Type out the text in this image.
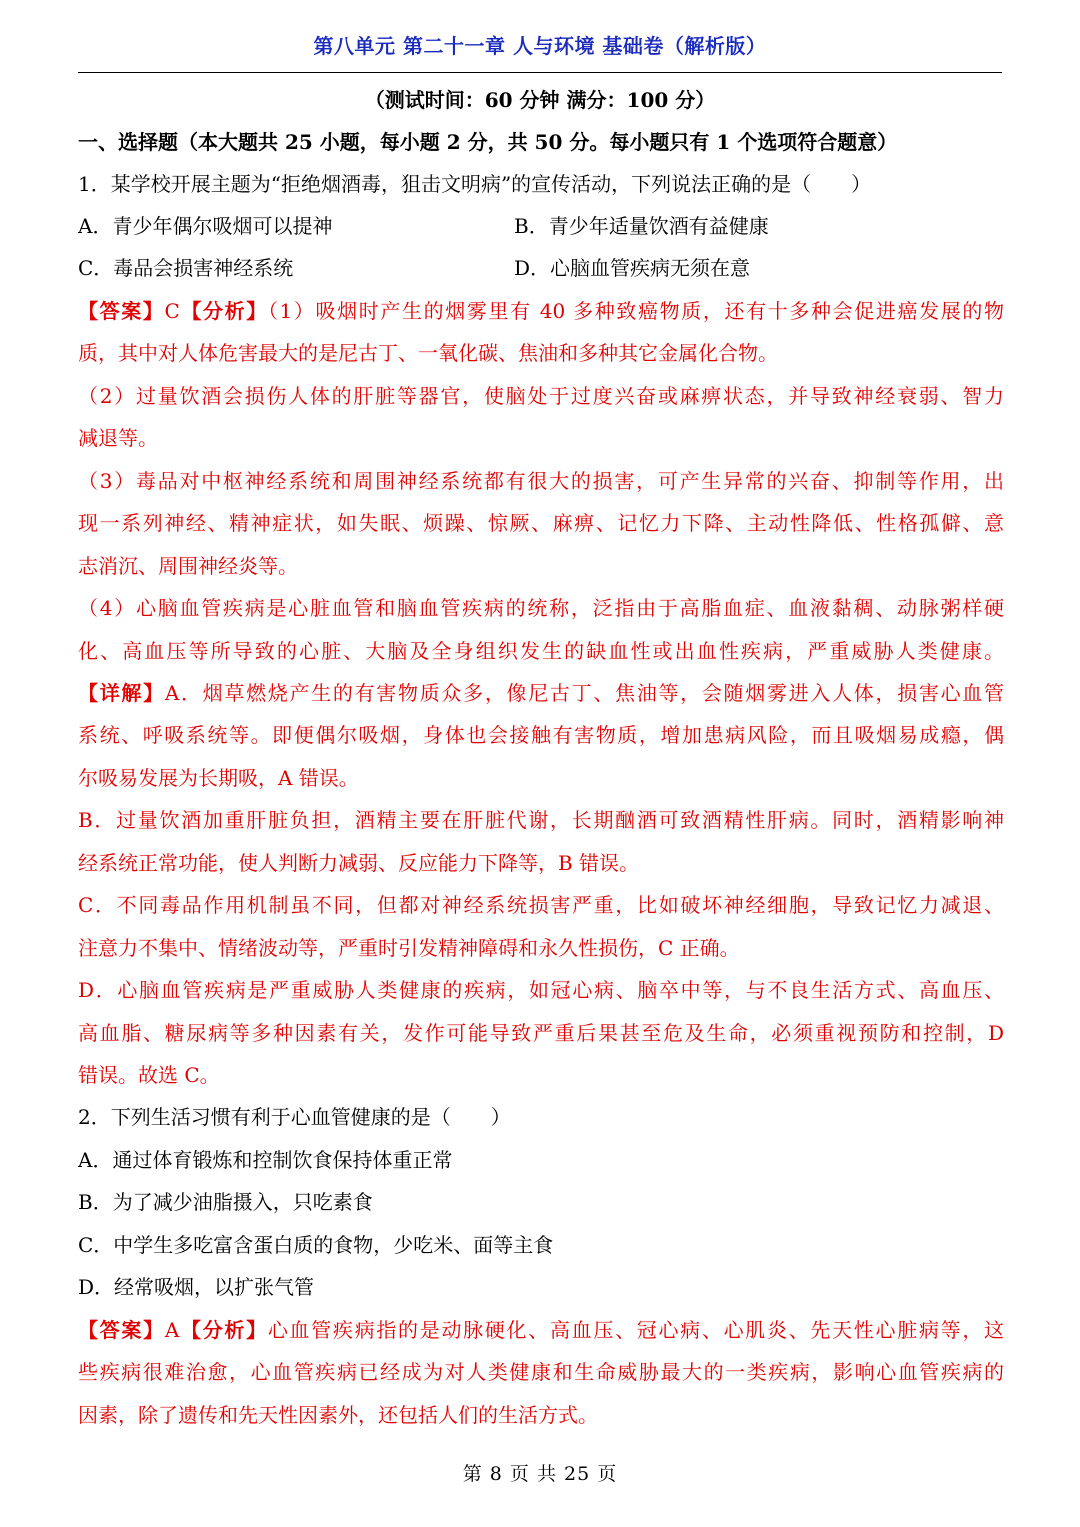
第八单元 第二十一章 人与环境 基础卷（解析版）
（测试时间：60 分钟 满分：100 分）
一、选择题（本大题共 25 小题，每小题 2 分，共 50 分。每小题只有 1 个选项符合题意）
1．某学校开展主题为“拒绝烟酒毒，狙击文明病”的宣传活动，下列说法正确的是（　　）
A．青少年偶尔吸烟可以提神	B．青少年适量饮酒有益健康
C．毒品会损害神经系统	D．心脑血管疾病无须在意
【答案】C【分析】（1）吸烟时产生的烟雾里有 40 多种致癌物质，还有十多种会促进癌发展的物
质，其中对人体危害最大的是尼古丁、一氧化碳、焦油和多种其它金属化合物。
（2）过量饮酒会损伤人体的肝脏等器官，使脑处于过度兴奋或麻痹状态，并导致神经衰弱、智力
减退等。
（3）毒品对中枢神经系统和周围神经系统都有很大的损害，可产生异常的兴奋、抑制等作用，出
现一系列神经、精神症状，如失眠、烦躁、惊厥、麻痹、记忆力下降、主动性降低、性格孤僻、意
志消沉、周围神经炎等。
（4）心脑血管疾病是心脏血管和脑血管疾病的统称，泛指由于高脂血症、血液黏稠、动脉粥样硬
化、高血压等所导致的心脏、大脑及全身组织发生的缺血性或出血性疾病，严重威胁人类健康。
【详解】A．烟草燃烧产生的有害物质众多，像尼古丁、焦油等，会随烟雾进入人体，损害心血管
系统、呼吸系统等。即便偶尔吸烟，身体也会接触有害物质，增加患病风险，而且吸烟易成瘾，偶
尔吸易发展为长期吸，A 错误。
B．过量饮酒加重肝脏负担，酒精主要在肝脏代谢，长期酗酒可致酒精性肝病。同时，酒精影响神
经系统正常功能，使人判断力减弱、反应能力下降等，B 错误。
C．不同毒品作用机制虽不同，但都对神经系统损害严重，比如破坏神经细胞，导致记忆力减退、
注意力不集中、情绪波动等，严重时引发精神障碍和永久性损伤，C 正确。
D．心脑血管疾病是严重威胁人类健康的疾病，如冠心病、脑卒中等，与不良生活方式、高血压、
高血脂、糖尿病等多种因素有关，发作可能导致严重后果甚至危及生命，必须重视预防和控制，D
错误。故选 C。
2．下列生活习惯有利于心血管健康的是（　　）
A．通过体育锻炼和控制饮食保持体重正常
B．为了减少油脂摄入，只吃素食
C．中学生多吃富含蛋白质的食物，少吃米、面等主食
D．经常吸烟，以扩张气管
【答案】A【分析】心血管疾病指的是动脉硬化、高血压、冠心病、心肌炎、先天性心脏病等，这
些疾病很难治愈，心血管疾病已经成为对人类健康和生命威胁最大的一类疾病，影响心血管疾病的
因素，除了遗传和先天性因素外，还包括人们的生活方式。
第 8 页 共 25 页
